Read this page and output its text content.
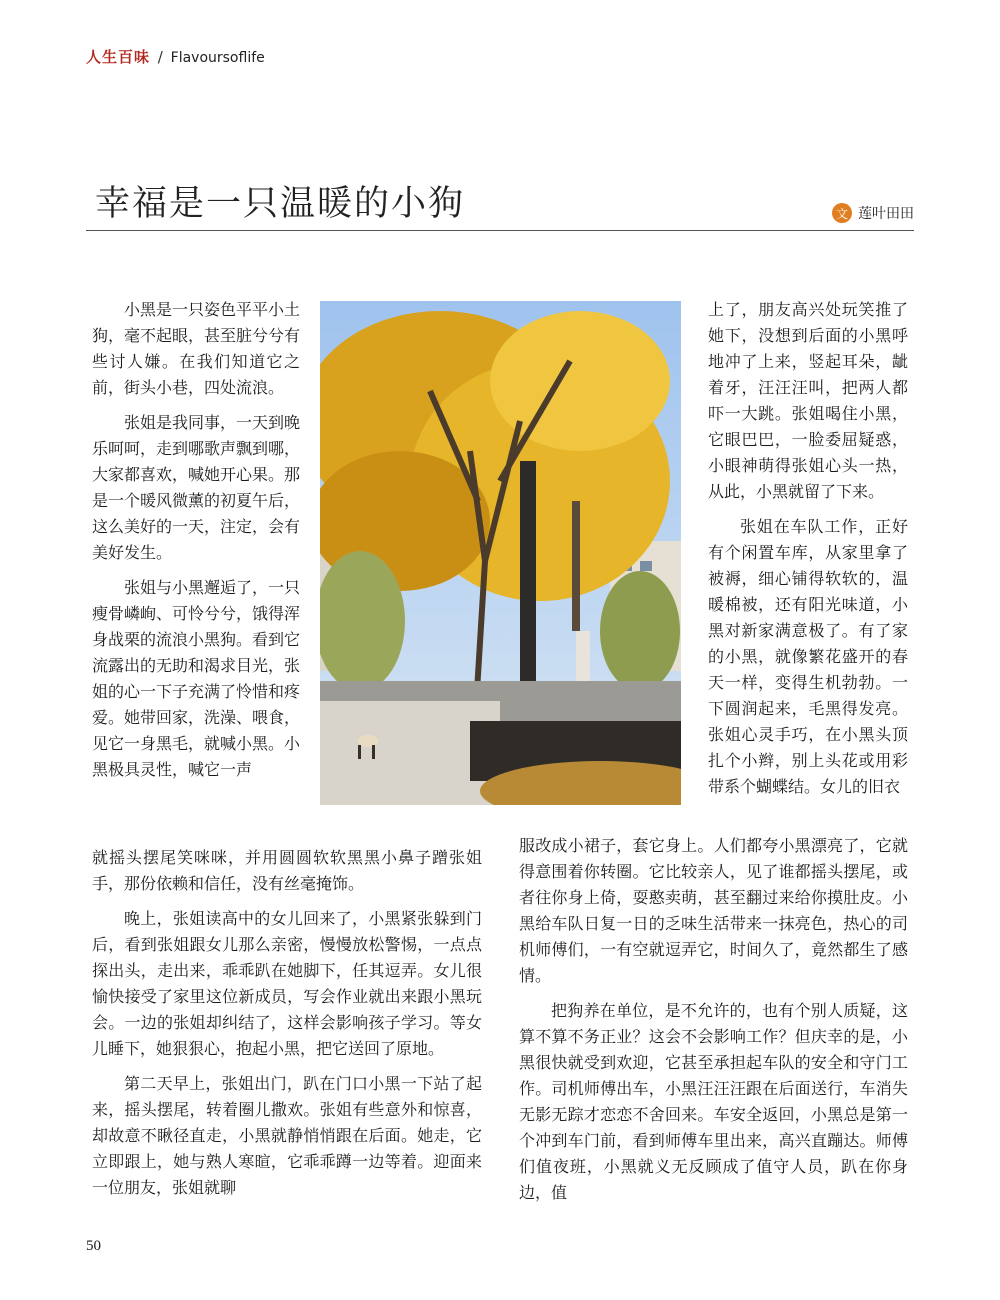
人生百味 / Flavoursoflife
幸福是一只温暖的小狗	文 莲叶田田

小黑是一只姿色平平小土狗，毫不起眼，甚至脏兮兮有些讨人嫌。在我们知道它之前，街头小巷，四处流浪。

张姐是我同事，一天到晚乐呵呵，走到哪歌声飘到哪，大家都喜欢，喊她开心果。那是一个暖风微薰的初夏午后，这么美好的一天，注定，会有美好发生。

张姐与小黑邂逅了，一只瘦骨嶙峋、可怜兮兮，饿得浑身战栗的流浪小黑狗。看到它流露出的无助和渴求目光，张姐的心一下子充满了怜惜和疼爱。她带回家，洗澡、喂食，见它一身黑毛，就喊小黑。小黑极具灵性，喊它一声

上了，朋友高兴处玩笑推了她下，没想到后面的小黑呼地冲了上来，竖起耳朵，龇着牙，汪汪汪叫，把两人都吓一大跳。张姐喝住小黑，它眼巴巴，一脸委屈疑惑，小眼神萌得张姐心头一热，从此，小黑就留了下来。

张姐在车队工作，正好有个闲置车库，从家里拿了被褥，细心铺得软软的，温暖棉被，还有阳光味道，小黑对新家满意极了。有了家的小黑，就像繁花盛开的春天一样，变得生机勃勃。一下圆润起来，毛黑得发亮。张姐心灵手巧，在小黑头顶扎个小辫，别上头花或用彩带系个蝴蝶结。女儿的旧衣

就摇头摆尾笑咪咪，并用圆圆软软黑黑小鼻子蹭张姐手，那份依赖和信任，没有丝毫掩饰。

晚上，张姐读高中的女儿回来了，小黑紧张躲到门后，看到张姐跟女儿那么亲密，慢慢放松警惕，一点点探出头，走出来，乖乖趴在她脚下，任其逗弄。女儿很愉快接受了家里这位新成员，写会作业就出来跟小黑玩会。一边的张姐却纠结了，这样会影响孩子学习。等女儿睡下，她狠狠心，抱起小黑，把它送回了原地。

第二天早上，张姐出门，趴在门口小黑一下站了起来，摇头摆尾，转着圈儿撒欢。张姐有些意外和惊喜，却故意不瞅径直走，小黑就静悄悄跟在后面。她走，它立即跟上，她与熟人寒暄，它乖乖蹲一边等着。迎面来一位朋友，张姐就聊

服改成小裙子，套它身上。人们都夸小黑漂亮了，它就得意围着你转圈。它比较亲人，见了谁都摇头摆尾，或者往你身上倚，耍憨卖萌，甚至翻过来给你摸肚皮。小黑给车队日复一日的乏味生活带来一抹亮色，热心的司机师傅们，一有空就逗弄它，时间久了，竟然都生了感情。

把狗养在单位，是不允许的，也有个别人质疑，这算不算不务正业？这会不会影响工作？但庆幸的是，小黑很快就受到欢迎，它甚至承担起车队的安全和守门工作。司机师傅出车，小黑汪汪汪跟在后面送行，车消失无影无踪才恋恋不舍回来。车安全返回，小黑总是第一个冲到车门前，看到师傅车里出来，高兴直蹦达。师傅们值夜班，小黑就义无反顾成了值守人员，趴在你身边，值

50
